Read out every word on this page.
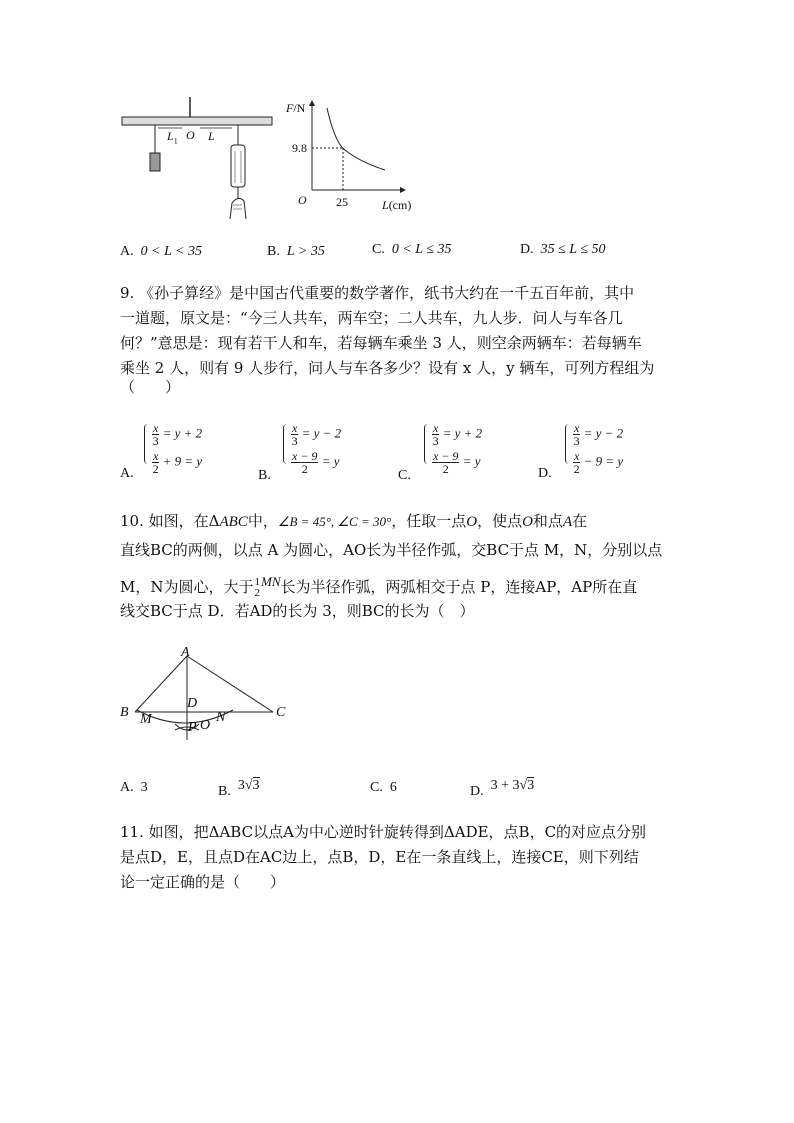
$L_1$ O L
F/N
9.8
O 25	L(cm)
A. 0 < L < 35	B. L > 35	C. 0 < L ≤ 35	D. 35 ≤ L ≤ 50
9. 《孙子算经》是中国古代重要的数学著作，纸书大约在一千五百年前，其中
一道题，原文是：“今三人共车，两车空；二人共车，九人步．问人与车各几
何？”意思是：现有若干人和车，若每辆车乘坐 3 人，则空余两辆车：若每辆车
乘坐 2 人，则有 9 人步行，问人与车各多少？设有 x 人，y 辆车，可列方程组为
（　　）
A.
$\frac{x}{3} = y + 2$
$\frac{x}{2} + 9 = y$
B.
$\frac{x}{3} = y - 2$
$\frac{x - 9}{2} = y$
C.
$\frac{x}{3} = y + 2$
$\frac{x - 9}{2} = y$
D.
$\frac{x}{3} = y - 2$
$\frac{x}{2} - 9 = y$
10. 如图，在ΔABC中，∠B = 45°, ∠C = 30°，任取一点O，使点O和点A在
直线BC的两侧，以点 A 为圆心，AO长为半径作弧，交BC于点 M，N，分别以点
M，N为圆心，大于 1
2
MN长为半径作弧，两弧相交于点 P，连接AP，AP所在直
线交BC于点 D．若AD的长为 3，则BC的长为（　）
A
B	C
D
M	N
P O
A. 3	B. 3√3	C. 6	D. 3 + 3√3
11. 如图，把ΔABC以点A为中心逆时针旋转得到ΔADE，点B，C的对应点分别
是点D，E，且点D在AC边上，点B，D，E在一条直线上，连接CE，则下列结
论一定正确的是（　　）
